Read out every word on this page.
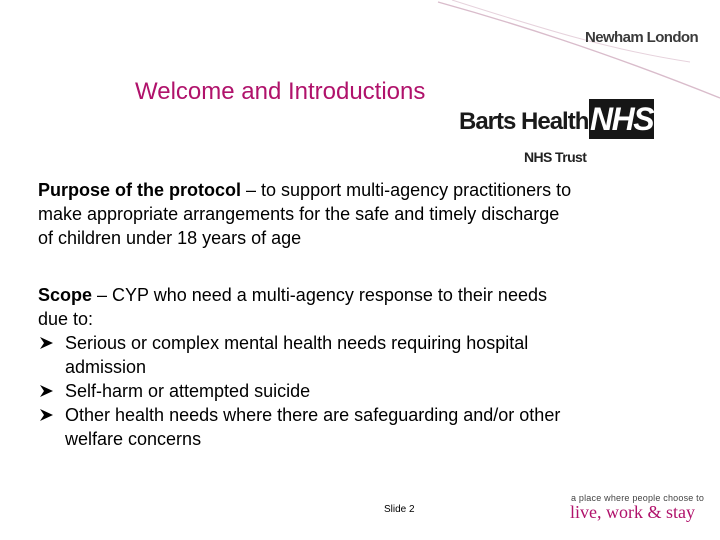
Newham London
Welcome and Introductions
Barts Health NHS
NHS Trust
Purpose of the protocol – to support multi-agency practitioners to make appropriate arrangements for the safe and timely discharge of children under 18 years of age
Scope – CYP who need a multi-agency response to their needs due to:
Serious or complex mental health needs requiring hospital admission
Self-harm or attempted suicide
Other health needs where there are safeguarding and/or other welfare concerns
Slide 2
a place where people choose to
live, work & stay
